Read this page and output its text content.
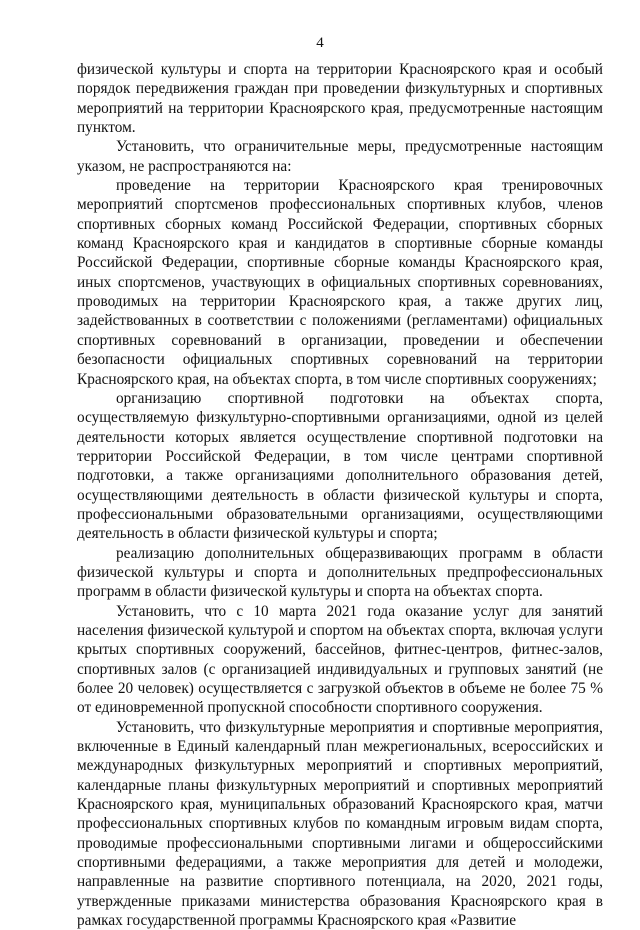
4

физической культуры и спорта на территории Красноярского края и особый порядок передвижения граждан при проведении физкультурных и спортивных мероприятий на территории Красноярского края, предусмотренные настоящим пунктом.

Установить, что ограничительные меры, предусмотренные настоящим указом, не распространяются на:

проведение на территории Красноярского края тренировочных мероприятий спортсменов профессиональных спортивных клубов, членов спортивных сборных команд Российской Федерации, спортивных сборных команд Красноярского края и кандидатов в спортивные сборные команды Российской Федерации, спортивные сборные команды Красноярского края, иных спортсменов, участвующих в официальных спортивных соревнованиях, проводимых на территории Красноярского края, а также других лиц, задействованных в соответствии с положениями (регламентами) официальных спортивных соревнований в организации, проведении и обеспечении безопасности официальных спортивных соревнований на территории Красноярского края, на объектах спорта, в том числе спортивных сооружениях;

организацию спортивной подготовки на объектах спорта, осуществляемую физкультурно-спортивными организациями, одной из целей деятельности которых является осуществление спортивной подготовки на территории Российской Федерации, в том числе центрами спортивной подготовки, а также организациями дополнительного образования детей, осуществляющими деятельность в области физической культуры и спорта, профессиональными образовательными организациями, осуществляющими деятельность в области физической культуры и спорта;

реализацию дополнительных общеразвивающих программ в области физической культуры и спорта и дополнительных предпрофессиональных программ в области физической культуры и спорта на объектах спорта.

Установить, что с 10 марта 2021 года оказание услуг для занятий населения физической культурой и спортом на объектах спорта, включая услуги крытых спортивных сооружений, бассейнов, фитнес-центров, фитнес-залов, спортивных залов (с организацией индивидуальных и групповых занятий (не более 20 человек) осуществляется с загрузкой объектов в объеме не более 75 % от единовременной пропускной способности спортивного сооружения.

Установить, что физкультурные мероприятия и спортивные мероприятия, включенные в Единый календарный план межрегиональных, всероссийских и международных физкультурных мероприятий и спортивных мероприятий, календарные планы физкультурных мероприятий и спортивных мероприятий Красноярского края, муниципальных образований Красноярского края, матчи профессиональных спортивных клубов по командным игровым видам спорта, проводимые профессиональными спортивными лигами и общероссийскими спортивными федерациями, а также мероприятия для детей и молодежи, направленные на развитие спортивного потенциала, на 2020, 2021 годы, утвержденные приказами министерства образования Красноярского края в рамках государственной программы Красноярского края «Развитие
